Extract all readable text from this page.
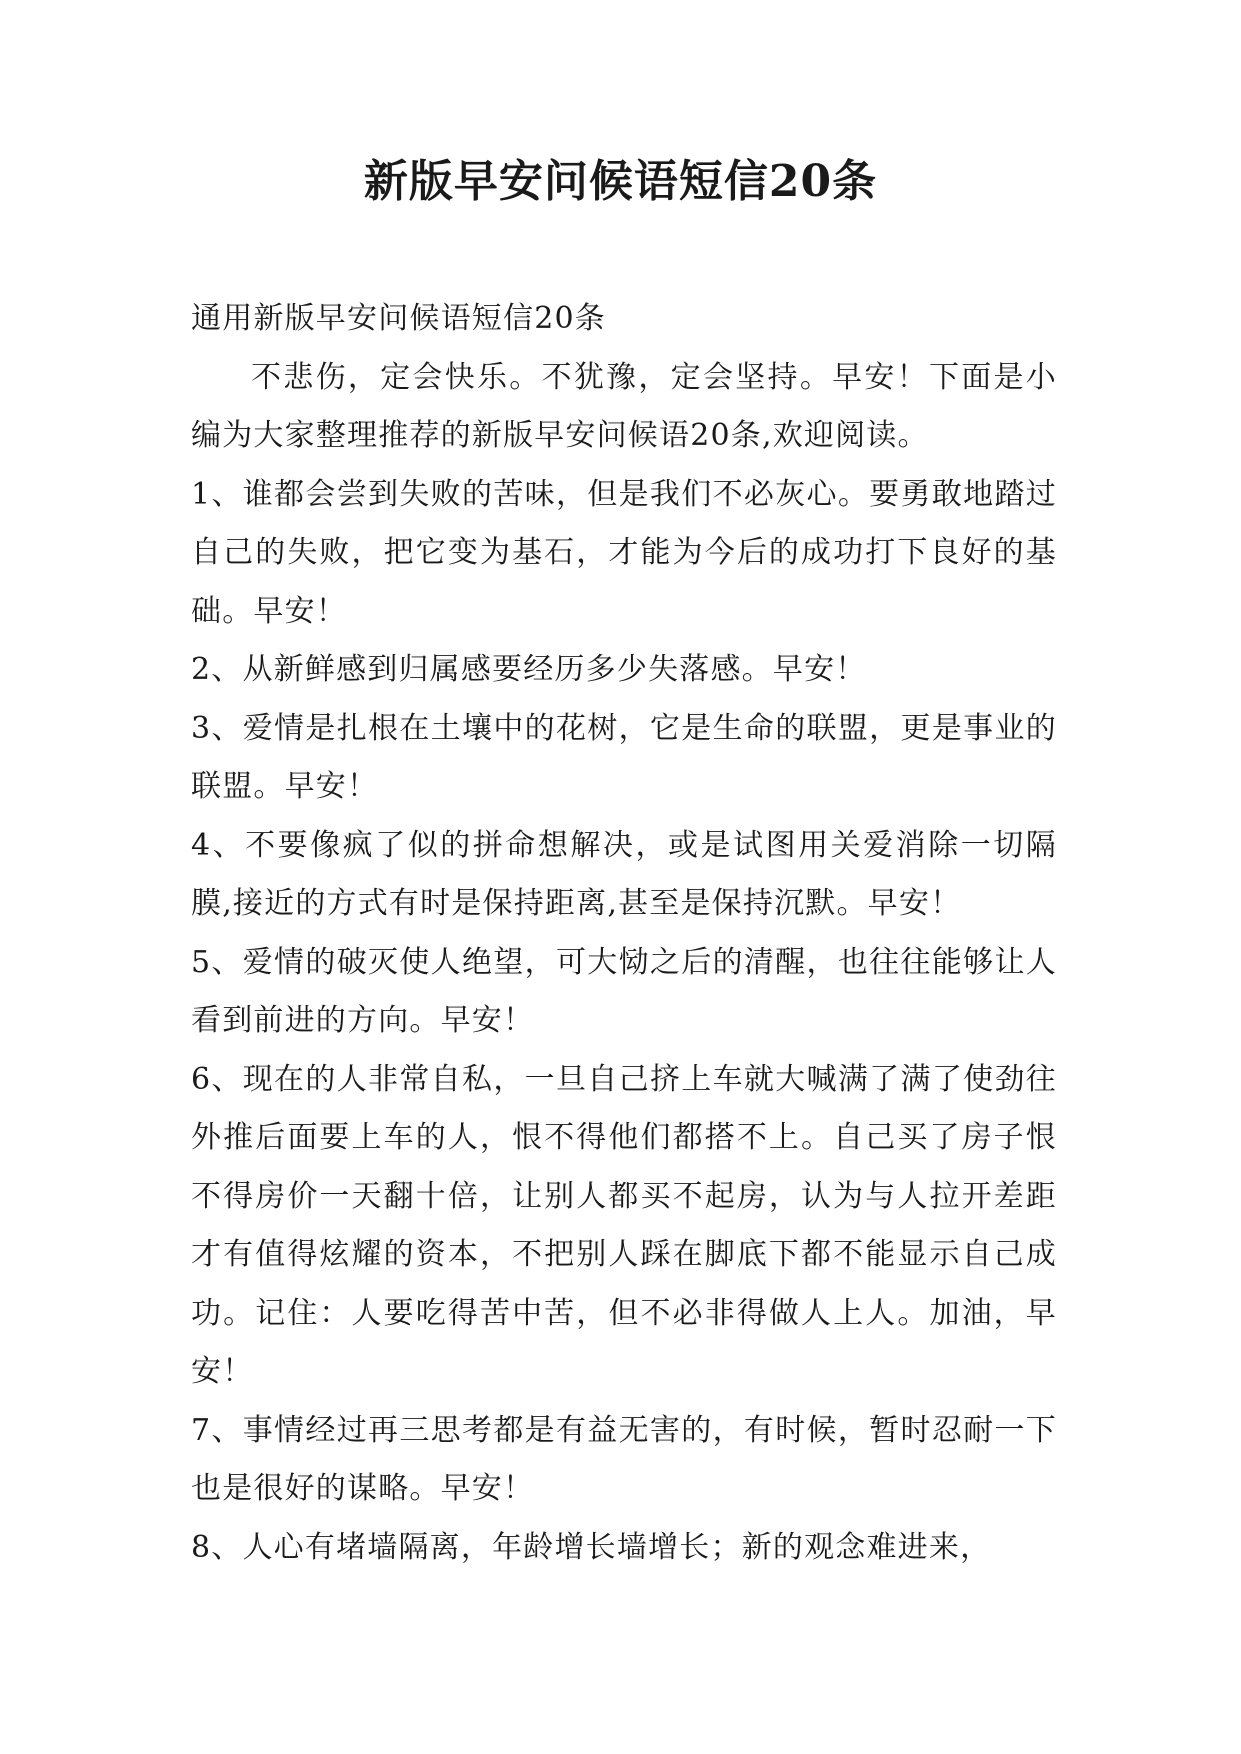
新版早安问候语短信20条

通用新版早安问候语短信20条

不悲伤，定会快乐。不犹豫，定会坚持。早安！下面是小编为大家整理推荐的新版早安问候语20条,欢迎阅读。

1、谁都会尝到失败的苦味，但是我们不必灰心。要勇敢地踏过自己的失败，把它变为基石，才能为今后的成功打下良好的基础。早安！

2、从新鲜感到归属感要经历多少失落感。早安！

3、爱情是扎根在土壤中的花树，它是生命的联盟，更是事业的联盟。早安！

4、不要像疯了似的拼命想解决，或是试图用关爱消除一切隔膜,接近的方式有时是保持距离,甚至是保持沉默。早安！

5、爱情的破灭使人绝望，可大恸之后的清醒，也往往能够让人看到前进的方向。早安！

6、现在的人非常自私，一旦自己挤上车就大喊满了满了使劲往外推后面要上车的人，恨不得他们都搭不上。自己买了房子恨不得房价一天翻十倍，让别人都买不起房，认为与人拉开差距才有值得炫耀的资本，不把别人踩在脚底下都不能显示自己成功。记住：人要吃得苦中苦，但不必非得做人上人。加油，早安！

7、事情经过再三思考都是有益无害的，有时候，暂时忍耐一下也是很好的谋略。早安！

8、人心有堵墙隔离，年龄增长墙增长；新的观念难进来，
